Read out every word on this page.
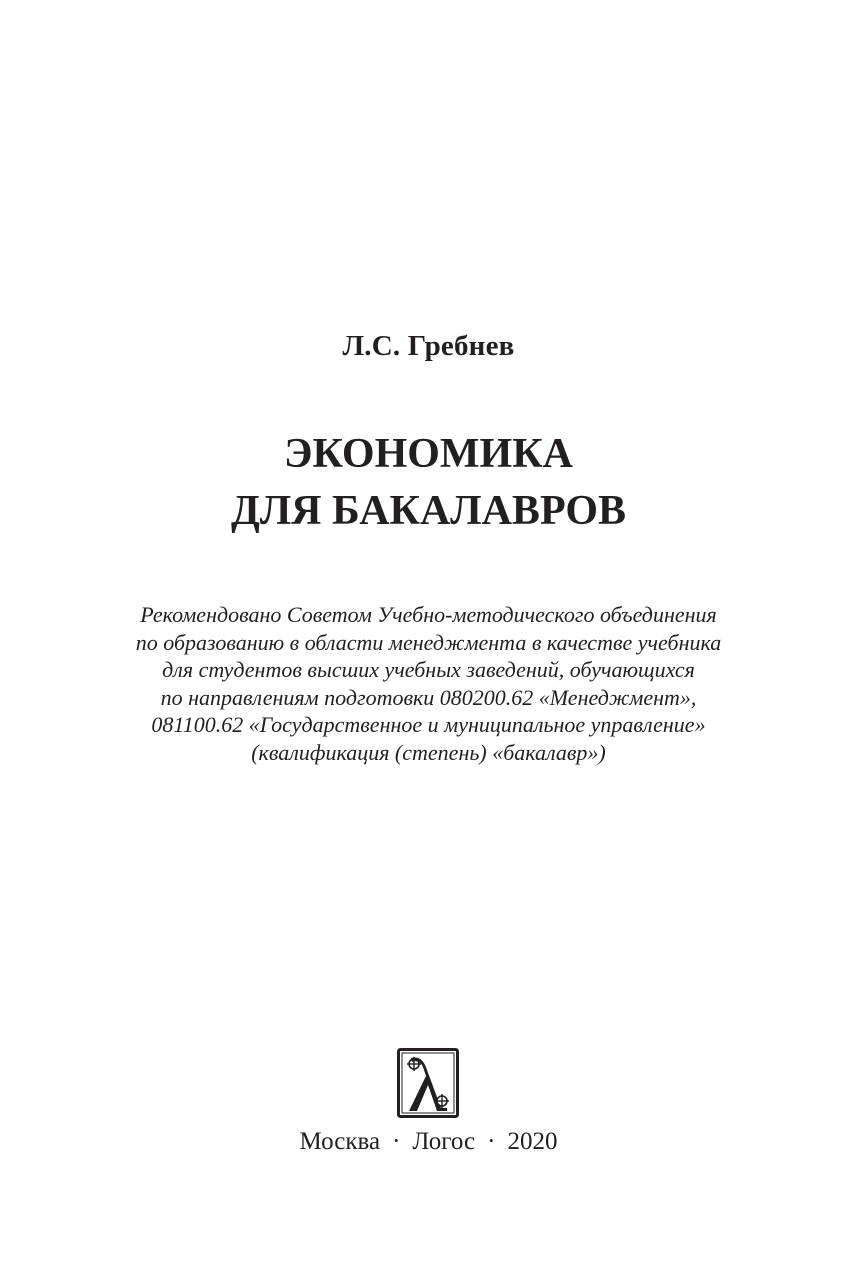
Л.С. Гребнев
ЭКОНОМИКА
ДЛЯ БАКАЛАВРОВ
Рекомендовано Советом Учебно-методического объединения
по образованию в области менеджмента в качестве учебника
для студентов высших учебных заведений, обучающихся
по направлениям подготовки 080200.62 «Менеджмент»,
081100.62 «Государственное и муниципальное управление»
(квалификация (степень) «бакалавр»)
Москва · Логос · 2020
